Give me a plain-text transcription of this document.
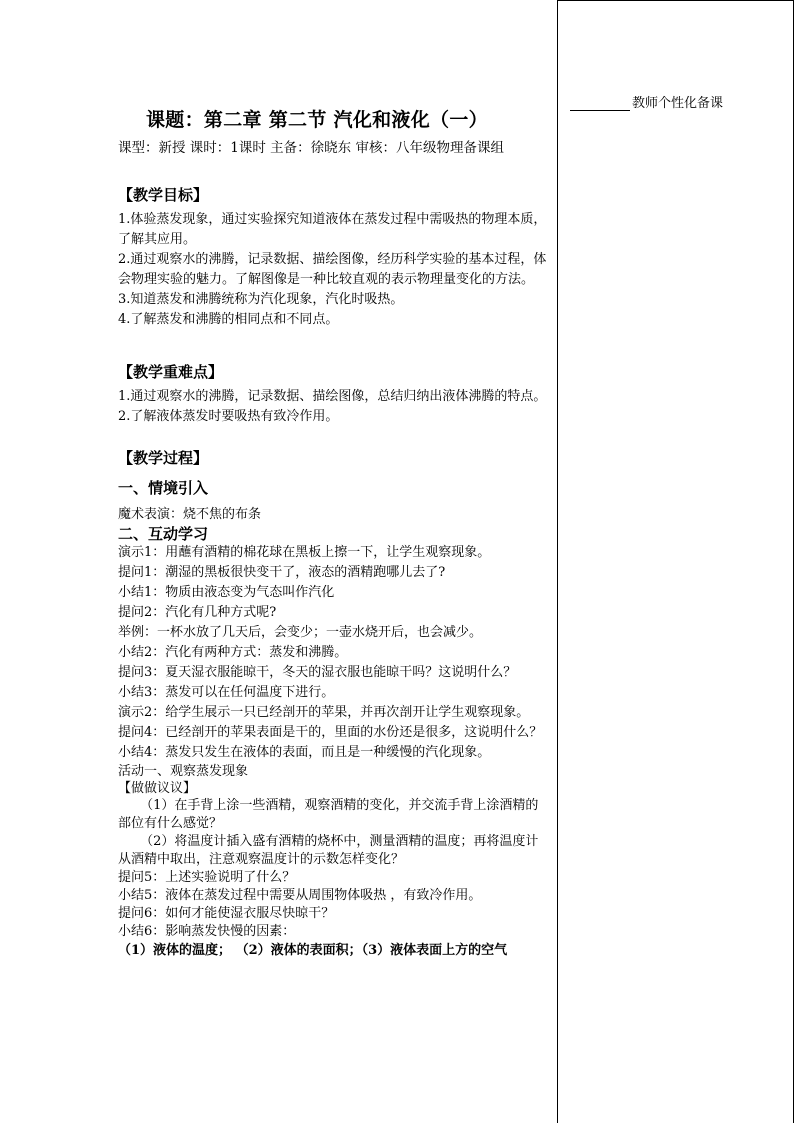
教师个性化备课
课题：第二章 第二节 汽化和液化（一）
课型：新授 课时：1课时 主备：徐晓东 审核：八年级物理备课组
【教学目标】
1.体验蒸发现象，通过实验探究知道液体在蒸发过程中需吸热的物理本质，了解其应用。
2.通过观察水的沸腾，记录数据、描绘图像，经历科学实验的基本过程，体会物理实验的魅力。了解图像是一种比较直观的表示物理量变化的方法。
3.知道蒸发和沸腾统称为汽化现象，汽化时吸热。
4.了解蒸发和沸腾的相同点和不同点。
【教学重难点】
1.通过观察水的沸腾，记录数据、描绘图像，总结归纳出液体沸腾的特点。
2.了解液体蒸发时要吸热有致冷作用。
【教学过程】
一、情境引入
魔术表演：烧不焦的布条
二、互动学习
演示1：用蘸有酒精的棉花球在黑板上擦一下，让学生观察现象。
提问1：潮湿的黑板很快变干了，液态的酒精跑哪儿去了?
小结1：物质由液态变为气态叫作汽化
提问2：汽化有几种方式呢?
举例：一杯水放了几天后，会变少；一壶水烧开后，也会减少。
小结2：汽化有两种方式：蒸发和沸腾。
提问3：夏天湿衣服能晾干，冬天的湿衣服也能晾干吗？这说明什么？
小结3：蒸发可以在任何温度下进行。
演示2：给学生展示一只已经剖开的苹果，并再次剖开让学生观察现象。
提问4：已经剖开的苹果表面是干的，里面的水份还是很多，这说明什么？
小结4：蒸发只发生在液体的表面，而且是一种缓慢的汽化现象。
活动一、观察蒸发现象
【做做议议】
（1）在手背上涂一些酒精，观察酒精的变化，并交流手背上涂酒精的部位有什么感觉？
（2）将温度计插入盛有酒精的烧杯中，测量酒精的温度；再将温度计从酒精中取出，注意观察温度计的示数怎样变化？
提问5：上述实验说明了什么？
小结5：液体在蒸发过程中需要从周围物体吸热 ，有致冷作用。
提问6：如何才能使湿衣服尽快晾干？
小结6：影响蒸发快慢的因素：
（1）液体的温度； （2）液体的表面积；（3）液体表面上方的空气
